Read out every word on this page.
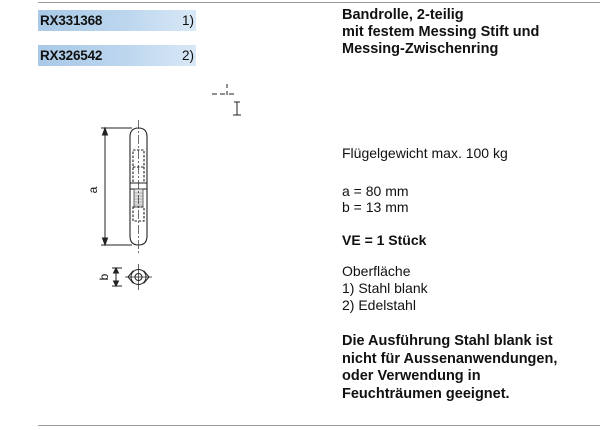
RX331368	1)
RX326542	2)
Bandrolle, 2-teilig
mit festem Messing Stift und
Messing-Zwischenring
Flügelgewicht max. 100 kg
a = 80 mm
b = 13 mm
VE = 1 Stück
Oberfläche
1) Stahl blank
2) Edelstahl
Die Ausführung Stahl blank ist
nicht für Aussenanwendungen,
oder Verwendung in
Feuchträumen geeignet.
a
b
